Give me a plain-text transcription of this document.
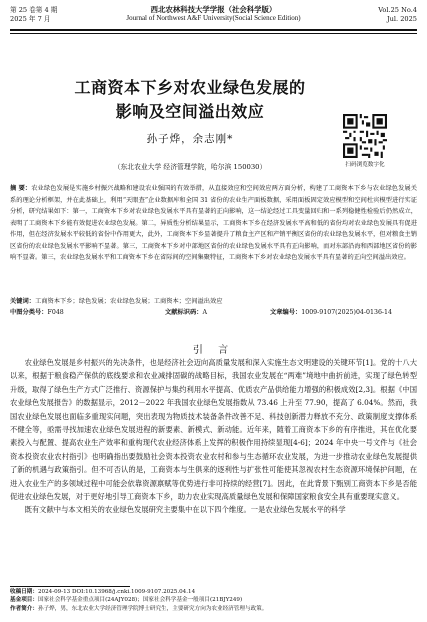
第 25 卷第 4 期
2025 年 7 月
西北农林科技大学学报（社会科学版）
Journal of Northwest A&F University(Social Science Edition)
Vol.25 No.4
Jul. 2025
工商资本下乡对农业绿色发展的
影响及空间溢出效应
孙子烨，余志刚*
（东北农业大学 经济管理学院，哈尔滨 150030）	扫码浏览数字化
摘 要：农业绿色发展是实施乡村振兴战略和建设农业强国的有效举措，从直接效应和空间效应两方面分析，构建了工商资本下乡与农业绿色发展关系的理论分析框架，并在此基础上，利用“天眼查”企业数据库和全国 31 省份的农业生产面板数据，采用面板固定效应模型和空间杜宾模型进行实证分析，研究结果如下：第一，工商资本下乡对农业绿色发展水平具有显著的正向影响，这一结论经过工具变量回归和一系列稳健性检验后仍然成立，表明了工商资本下乡能有效促进农业绿色发展。第二，异质性分析结果显示，工商资本下乡在经济发展水平高和低的省份均对农业绿色发展具有促进作用，但在经济发展水平较低的省份中作用更大，此外，工商资本下乡显著提升了粮食主产区和产销平衡区省份的农业绿色发展水平，但对粮食主销区省份的农业绿色发展水平影响不显著。第三，工商资本下乡对中部地区省份的农业绿色发展水平具有正向影响，而对东部沿海和西部地区省份的影响不显著。第三，农业绿色发展水平和工商资本下乡在省际间的空间集聚特征，工商资本下乡对农业绿色发展水平具有显著的正向空间溢出效应。
关键词：工商资本下乡；绿色发展；农业绿色发展；工商资本；空间溢出效应
中图分类号：F048	文献标识码：A	文章编号：1009-9107(2025)04-0136-14
引 言

农业绿色发展是乡村振兴的先决条件，也是经济社会迈向高质量发展和深入实施生态文明建设的关键环节[1]。党的十八大以来，根据于粮食稳产保供的底线要求和农业减排固碳的战略目标，我国农业发展在“两难”境地中曲折前进，实现了绿色转型升级，取得了绿色生产方式广泛推行、资源保护与集约利用水平提高、优质农产品供给能力增强的积极成效[2,3]。根据《中国农业绿色发展报告》的数据显示，2012－2022 年我国农业绿色发展指数从 73.46 上升至 77.90，提高了 6.04%。然而，我国农业绿色发展也面临多重现实问题，突出表现为物质技术装备条件改善不足、科技创新潜力释放不充分、政策制度支撑体系不健全等，亟需寻找加速农业绿色发展进程的新要素、新模式、新动能。近年来，随着工商资本下乡的有序推进，其在优化要素投入与配置、提高农业生产效率和重构现代农业经济体系上发挥的积极作用持续显现[4-6]；2024 年中央一号文件与《社会资本投资农业农村指引》也明确指出要鼓励社会资本投资农业农村和参与生态循环农业发展，为进一步推动农业绿色发展提供了新的机遇与政策指引。但不可否认的是，工商资本与生俱来的逐利性与扩张性可能使其忽视农村生态资源环境保护问题，在进入农业生产的多领域过程中可能会依靠资源禀赋等优势进行非可持续的经营[7]。因此，在此背景下甄别工商资本下乡是否能促进农业绿色发展，对于更好地引导工商资本下乡，助力农业实现高质量绿色发展和保障国家粮食安全具有重要现实意义。

既有文献中与本文相关的农业绿色发展研究主要集中在以下四个维度。一是农业绿色发展水平的科学

收稿日期：2024-09-13 DOI:10.13968/j.cnki.1009-9107.2025.04.14
基金项目：国家社会科学基金重点项目(24AJY028)；国家社会科学基金一般项目(21BJY249)
作者简介：孙子烨，男，东北农业大学经济管理学院博士研究生，主要研究方向为农业经济管理与政策。
